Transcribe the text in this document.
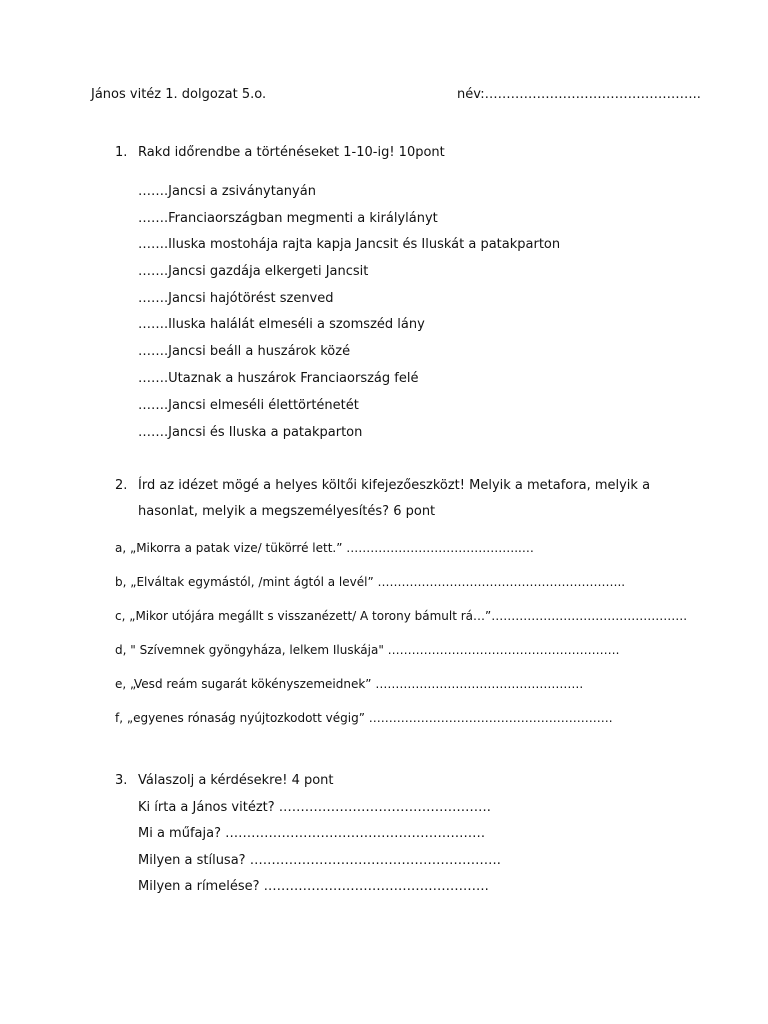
János vitéz 1. dolgozat 5.o.	név:…………………………………………..
1. Rakd időrendbe a történéseket 1-10-ig! 10pont
…….Jancsi a zsiványtanyán
…….Franciaországban megmenti a királylányt
…….Iluska mostohája rajta kapja Jancsit és Iluskát a patakparton
…….Jancsi gazdája elkergeti Jancsit
…….Jancsi hajótörést szenved
…….Iluska halálát elmeséli a szomszéd lány
…….Jancsi beáll a huszárok közé
…….Utaznak a huszárok Franciaország felé
…….Jancsi elmeséli élettörténetét
…….Jancsi és Iluska a patakparton
2. Írd az idézet mögé a helyes költői kifejezőeszközt! Melyik a metafora, melyik a
hasonlat, melyik a megszemélyesítés? 6 pont
a, „Mikorra a patak vize/ tükörré lett.” ……………………………………..…
b, „Elváltak egymástól, /mint ágtól a levél” ……………………………………………………..
c, „Mikor utójára megállt s visszanézett/ A torony bámult rá…”………………………………………….
d, " Szívemnek gyöngyháza, lelkem Iluskája" ………………………………………………….
e, „Vesd reám sugarát kökényszemeidnek” …………………………………………….
f, „egyenes rónaság nyújtozkodott végig” …………………………………………………….
3. Válaszolj a kérdésekre! 4 pont
Ki írta a János vitézt? ………………………………………….
Mi a műfaja? ……………………………………………………
Milyen a stílusa? ………………………………………………….
Milyen a rímelése? …………………………………………….
